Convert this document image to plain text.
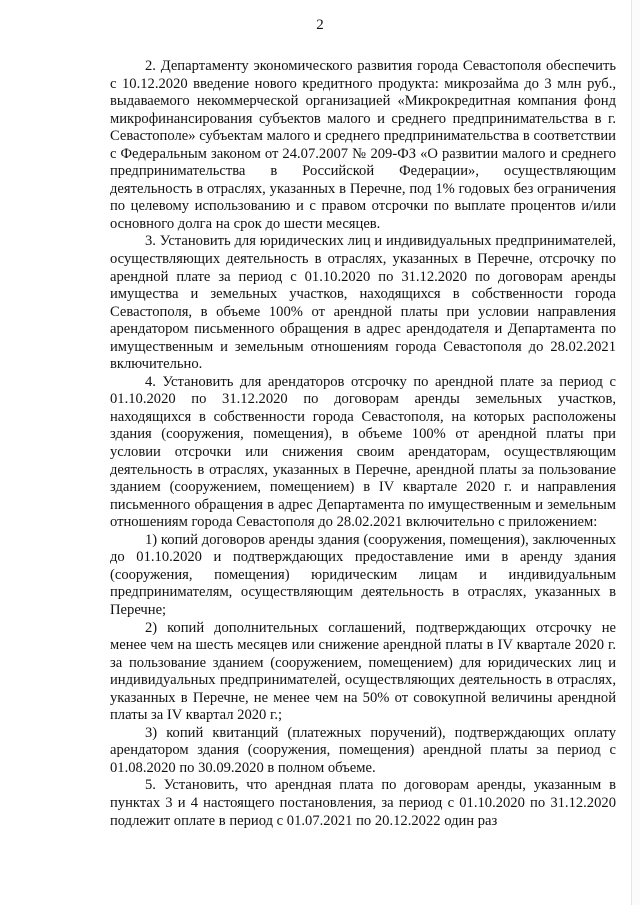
2

2. Департаменту экономического развития города Севастополя обеспечить с 10.12.2020 введение нового кредитного продукта: микрозайма до 3 млн руб., выдаваемого некоммерческой организацией «Микрокредитная компания фонд микрофинансирования субъектов малого и среднего предпринимательства в г. Севастополе» субъектам малого и среднего предпринимательства в соответствии с Федеральным законом от 24.07.2007 № 209-ФЗ «О развитии малого и среднего предпринимательства в Российской Федерации», осуществляющим деятельность в отраслях, указанных в Перечне, под 1% годовых без ограничения по целевому использованию и с правом отсрочки по выплате процентов и/или основного долга на срок до шести месяцев.

3. Установить для юридических лиц и индивидуальных предпринимателей, осуществляющих деятельность в отраслях, указанных в Перечне, отсрочку по арендной плате за период с 01.10.2020 по 31.12.2020 по договорам аренды имущества и земельных участков, находящихся в собственности города Севастополя, в объеме 100% от арендной платы при условии направления арендатором письменного обращения в адрес арендодателя и Департамента по имущественным и земельным отношениям города Севастополя до 28.02.2021 включительно.

4. Установить для арендаторов отсрочку по арендной плате за период с 01.10.2020 по 31.12.2020 по договорам аренды земельных участков, находящихся в собственности города Севастополя, на которых расположены здания (сооружения, помещения), в объеме 100% от арендной платы при условии отсрочки или снижения своим арендаторам, осуществляющим деятельность в отраслях, указанных в Перечне, арендной платы за пользование зданием (сооружением, помещением) в IV квартале 2020 г. и направления письменного обращения в адрес Департамента по имущественным и земельным отношениям города Севастополя до 28.02.2021 включительно с приложением:

1) копий договоров аренды здания (сооружения, помещения), заключенных до 01.10.2020 и подтверждающих предоставление ими в аренду здания (сооружения, помещения) юридическим лицам и индивидуальным предпринимателям, осуществляющим деятельность в отраслях, указанных в Перечне;

2) копий дополнительных соглашений, подтверждающих отсрочку не менее чем на шесть месяцев или снижение арендной платы в IV квартале 2020 г. за пользование зданием (сооружением, помещением) для юридических лиц и индивидуальных предпринимателей, осуществляющих деятельность в отраслях, указанных в Перечне, не менее чем на 50% от совокупной величины арендной платы за IV квартал 2020 г.;

3) копий квитанций (платежных поручений), подтверждающих оплату арендатором здания (сооружения, помещения) арендной платы за период с 01.08.2020 по 30.09.2020 в полном объеме.

5. Установить, что арендная плата по договорам аренды, указанным в пунктах 3 и 4 настоящего постановления, за период с 01.10.2020 по 31.12.2020 подлежит оплате в период с 01.07.2021 по 20.12.2022 один раз
